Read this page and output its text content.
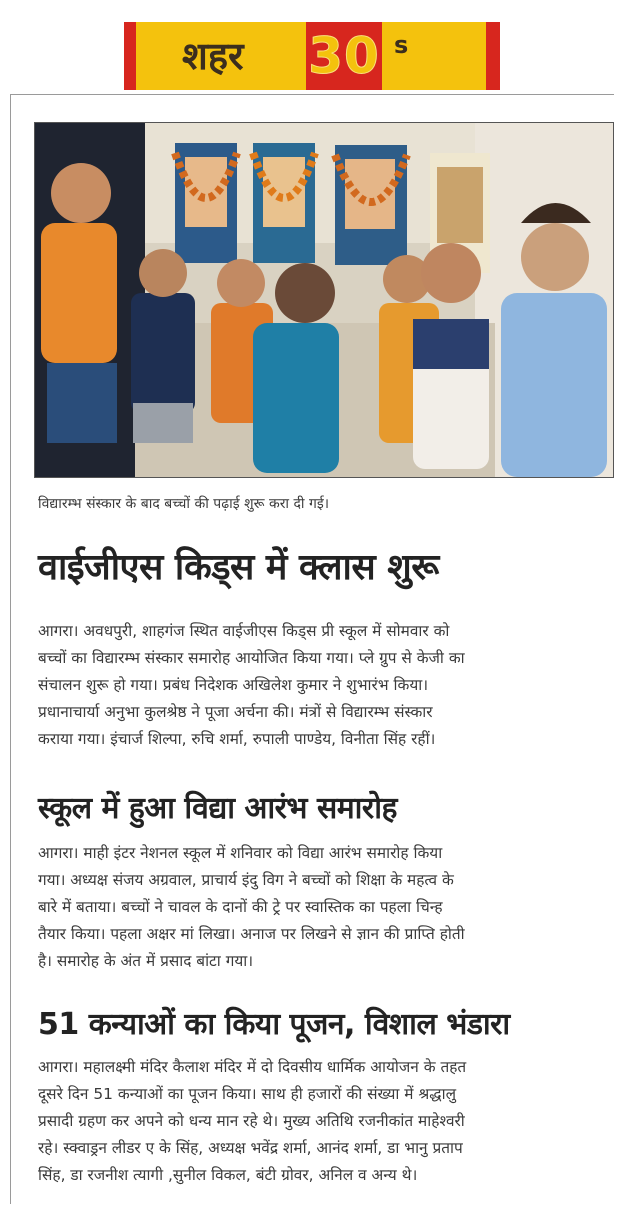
शहर 30 s
विद्यारम्भ संस्कार के बाद बच्चों की पढ़ाई शुरू करा दी गई।
वाईजीएस किड्स में क्लास शुरू
आगरा। अवधपुरी, शाहगंज स्थित वाईजीएस किड्स प्री स्कूल में सोमवार को
बच्चों का विद्यारम्भ संस्कार समारोह आयोजित किया गया। प्ले ग्रुप से केजी का
संचालन शुरू हो गया। प्रबंध निदेशक अखिलेश कुमार ने शुभारंभ किया।
प्रधानाचार्या अनुभा कुलश्रेष्ठ ने पूजा अर्चना की। मंत्रों से विद्यारम्भ संस्कार
कराया गया। इंचार्ज शिल्पा, रुचि शर्मा, रुपाली पाण्डेय, विनीता सिंह रहीं।
स्कूल में हुआ विद्या आरंभ समारोह
आगरा। माही इंटर नेशनल स्कूल में शनिवार को विद्या आरंभ समारोह किया
गया। अध्यक्ष संजय अग्रवाल, प्राचार्य इंदु विग ने बच्चों को शिक्षा के महत्व के
बारे में बताया। बच्चों ने चावल के दानों की ट्रे पर स्वास्तिक का पहला चिन्ह
तैयार किया। पहला अक्षर मां लिखा। अनाज पर लिखने से ज्ञान की प्राप्ति होती
है। समारोह के अंत में प्रसाद बांटा गया।
51 कन्याओं का किया पूजन, विशाल भंडारा
आगरा। महालक्ष्मी मंदिर कैलाश मंदिर में दो दिवसीय धार्मिक आयोजन के तहत
दूसरे दिन 51 कन्याओं का पूजन किया। साथ ही हजारों की संख्या में श्रद्धालु
प्रसादी ग्रहण कर अपने को धन्य मान रहे थे। मुख्य अतिथि रजनीकांत माहेश्वरी
रहे। स्क्वाड्रन लीडर ए के सिंह, अध्यक्ष भवेंद्र शर्मा, आनंद शर्मा, डा भानु प्रताप
सिंह, डा रजनीश त्यागी ,सुनील विकल, बंटी ग्रोवर, अनिल व अन्य थे।
